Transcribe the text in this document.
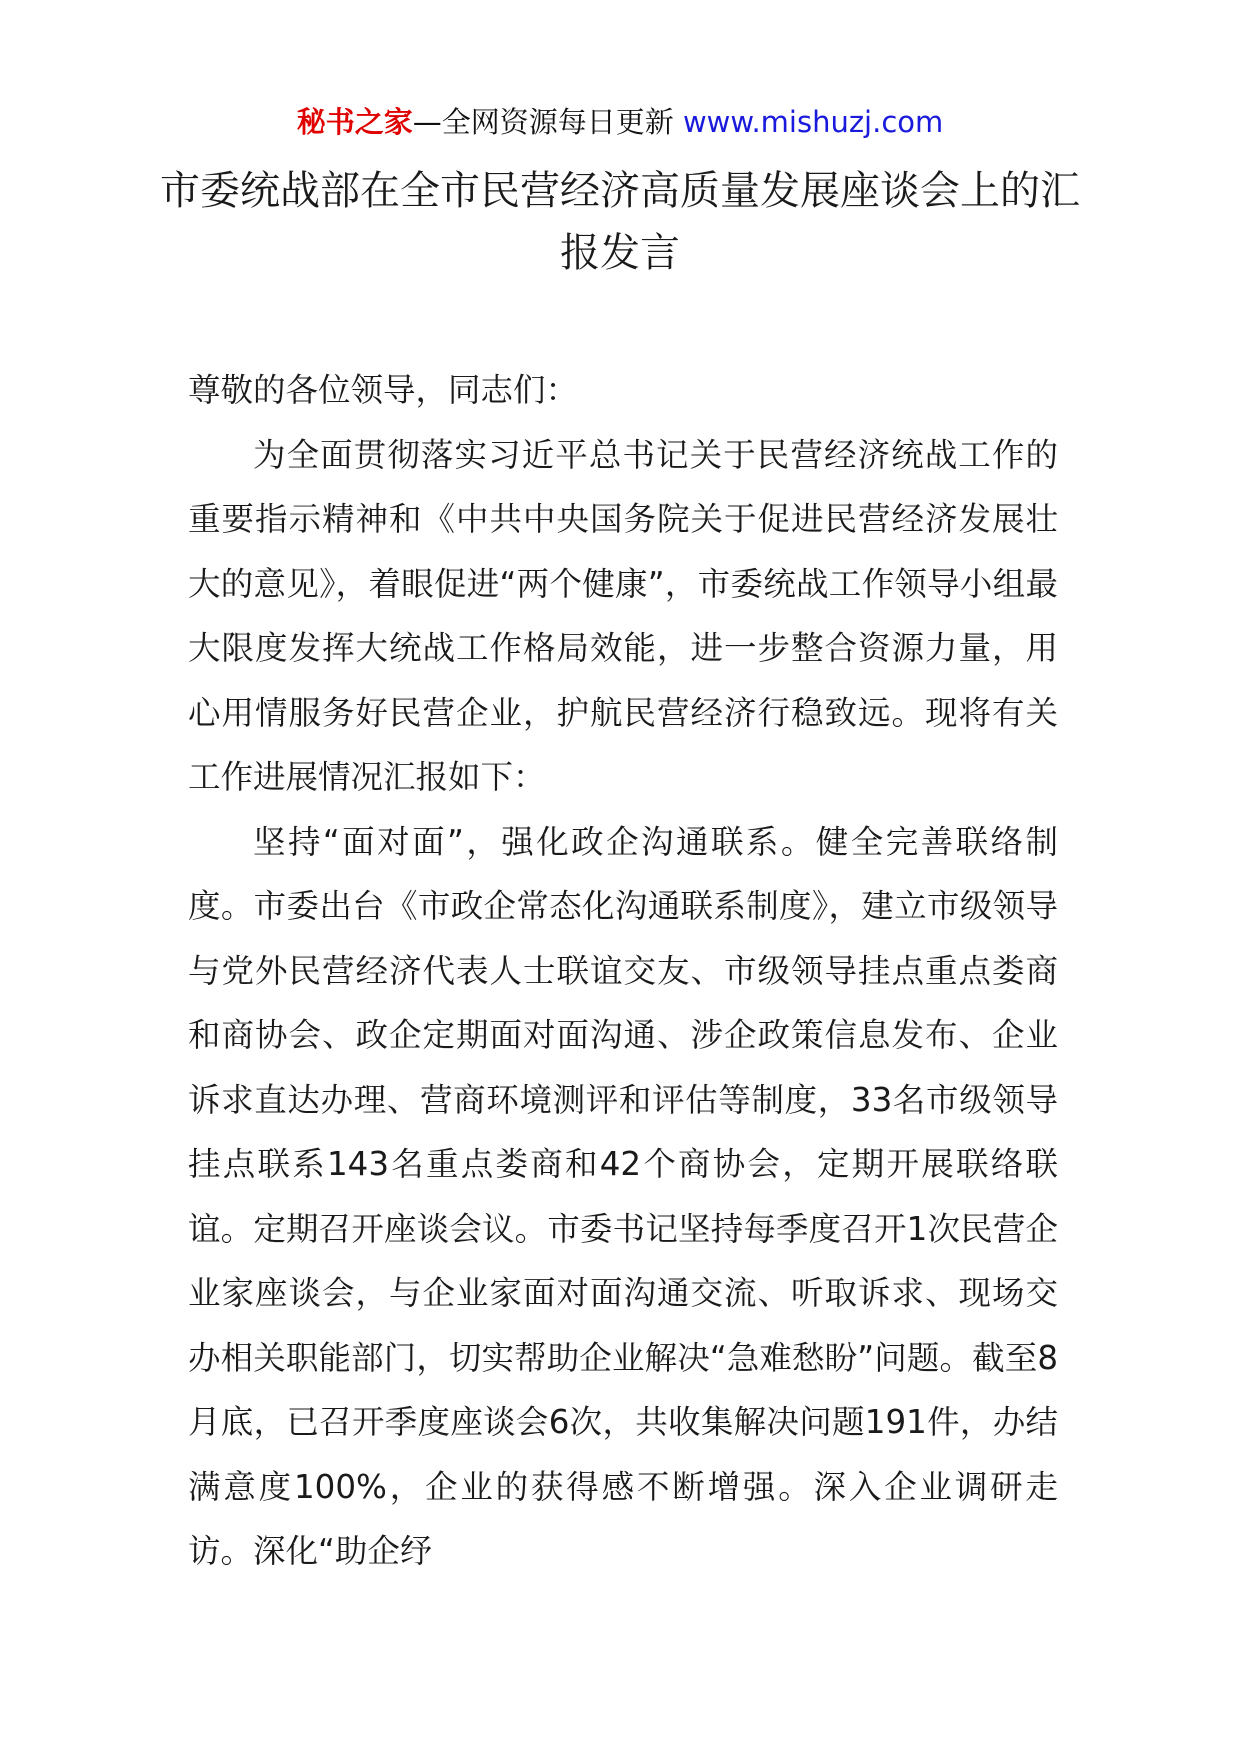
秘书之家—全网资源每日更新 www.mishuzj.com
市委统战部在全市民营经济高质量发展座谈会上的汇报发言

尊敬的各位领导，同志们：

为全面贯彻落实习近平总书记关于民营经济统战工作的重要指示精神和《中共中央国务院关于促进民营经济发展壮大的意见》，着眼促进“两个健康”，市委统战工作领导小组最大限度发挥大统战工作格局效能，进一步整合资源力量，用心用情服务好民营企业，护航民营经济行稳致远。现将有关工作进展情况汇报如下：

坚持“面对面”，强化政企沟通联系。健全完善联络制度。市委出台《市政企常态化沟通联系制度》，建立市级领导与党外民营经济代表人士联谊交友、市级领导挂点重点娄商和商协会、政企定期面对面沟通、涉企政策信息发布、企业诉求直达办理、营商环境测评和评估等制度，33名市级领导挂点联系143名重点娄商和42个商协会，定期开展联络联谊。定期召开座谈会议。市委书记坚持每季度召开1次民营企业家座谈会，与企业家面对面沟通交流、听取诉求、现场交办相关职能部门，切实帮助企业解决“急难愁盼”问题。截至8月底，已召开季度座谈会6次，共收集解决问题191件，办结满意度100%，企业的获得感不断增强。深入企业调研走访。深化“助企纾
